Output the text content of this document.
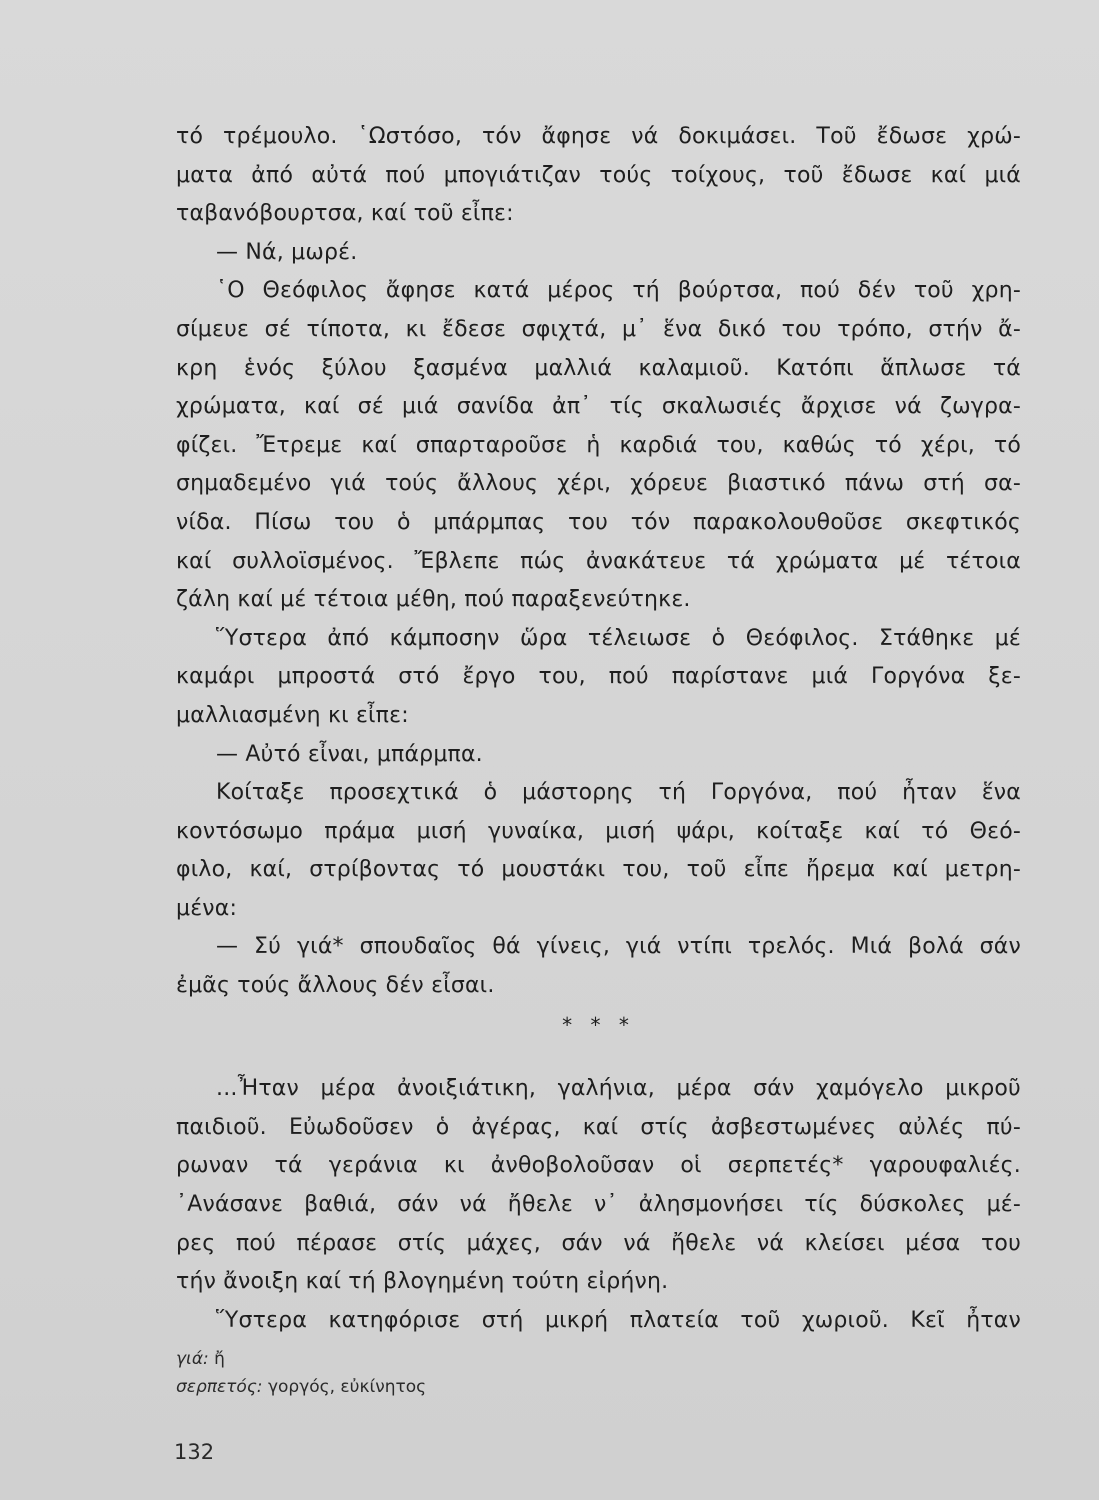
τό τρέμουλο. ῾Ωστόσο, τόν ἄφησε νά δοκιμάσει. Τοῦ ἔδωσε χρώ-
ματα ἀπό αὐτά πού μπογιάτιζαν τούς τοίχους, τοῦ ἔδωσε καί μιά
ταβανόβουρτσα, καί τοῦ εἶπε:
— Νά, μωρέ.
῾Ο Θεόφιλος ἄφησε κατά μέρος τή βούρτσα, πού δέν τοῦ χρη-
σίμευε σέ τίποτα, κι ἔδεσε σφιχτά, μ᾽ ἕνα δικό του τρόπο, στήν ἄ-
κρη ἑνός ξύλου ξασμένα μαλλιά καλαμιοῦ. Κατόπι ἅπλωσε τά
χρώματα, καί σέ μιά σανίδα ἀπ᾽ τίς σκαλωσιές ἄρχισε νά ζωγρα-
φίζει. Ἔτρεμε καί σπαρταροῦσε ἡ καρδιά του, καθώς τό χέρι, τό
σημαδεμένο γιά τούς ἄλλους χέρι, χόρευε βιαστικό πάνω στή σα-
νίδα. Πίσω του ὁ μπάρμπας του τόν παρακολουθοῦσε σκεφτικός
καί συλλοϊσμένος. Ἔβλεπε πώς ἀνακάτευε τά χρώματα μέ τέτοια
ζάλη καί μέ τέτοια μέθη, πού παραξενεύτηκε.
Ὕστερα ἀπό κάμποσην ὥρα τέλειωσε ὁ Θεόφιλος. Στάθηκε μέ
καμάρι μπροστά στό ἔργο του, πού παρίστανε μιά Γοργόνα ξε-
μαλλιασμένη κι εἶπε:
— Αὐτό εἶναι, μπάρμπα.
Κοίταξε προσεχτικά ὁ μάστορης τή Γοργόνα, πού ἦταν ἕνα
κοντόσωμο πράμα μισή γυναίκα, μισή ψάρι, κοίταξε καί τό Θεό-
φιλο, καί, στρίβοντας τό μουστάκι του, τοῦ εἶπε ἤρεμα καί μετρη-
μένα:
— Σύ γιά* σπουδαῖος θά γίνεις, γιά ντίπι τρελός. Μιά βολά σάν
ἐμᾶς τούς ἄλλους δέν εἶσαι.
* * *
...Ἦταν μέρα ἀνοιξιάτικη, γαλήνια, μέρα σάν χαμόγελο μικροῦ
παιδιοῦ. Εὐωδοῦσεν ὁ ἀγέρας, καί στίς ἀσβεστωμένες αὐλές πύ-
ρωναν τά γεράνια κι ἀνθοβολοῦσαν οἱ σερπετές* γαρουφαλιές.
᾽Ανάσανε βαθιά, σάν νά ἤθελε ν᾽ ἀλησμονήσει τίς δύσκολες μέ-
ρες πού πέρασε στίς μάχες, σάν νά ἤθελε νά κλείσει μέσα του
τήν ἄνοιξη καί τή βλογημένη τούτη εἰρήνη.
Ὕστερα κατηφόρισε στή μικρή πλατεία τοῦ χωριοῦ. Κεῖ ἦταν
γιά: ἤ
σερπετός: γοργός, εὐκίνητος
132
